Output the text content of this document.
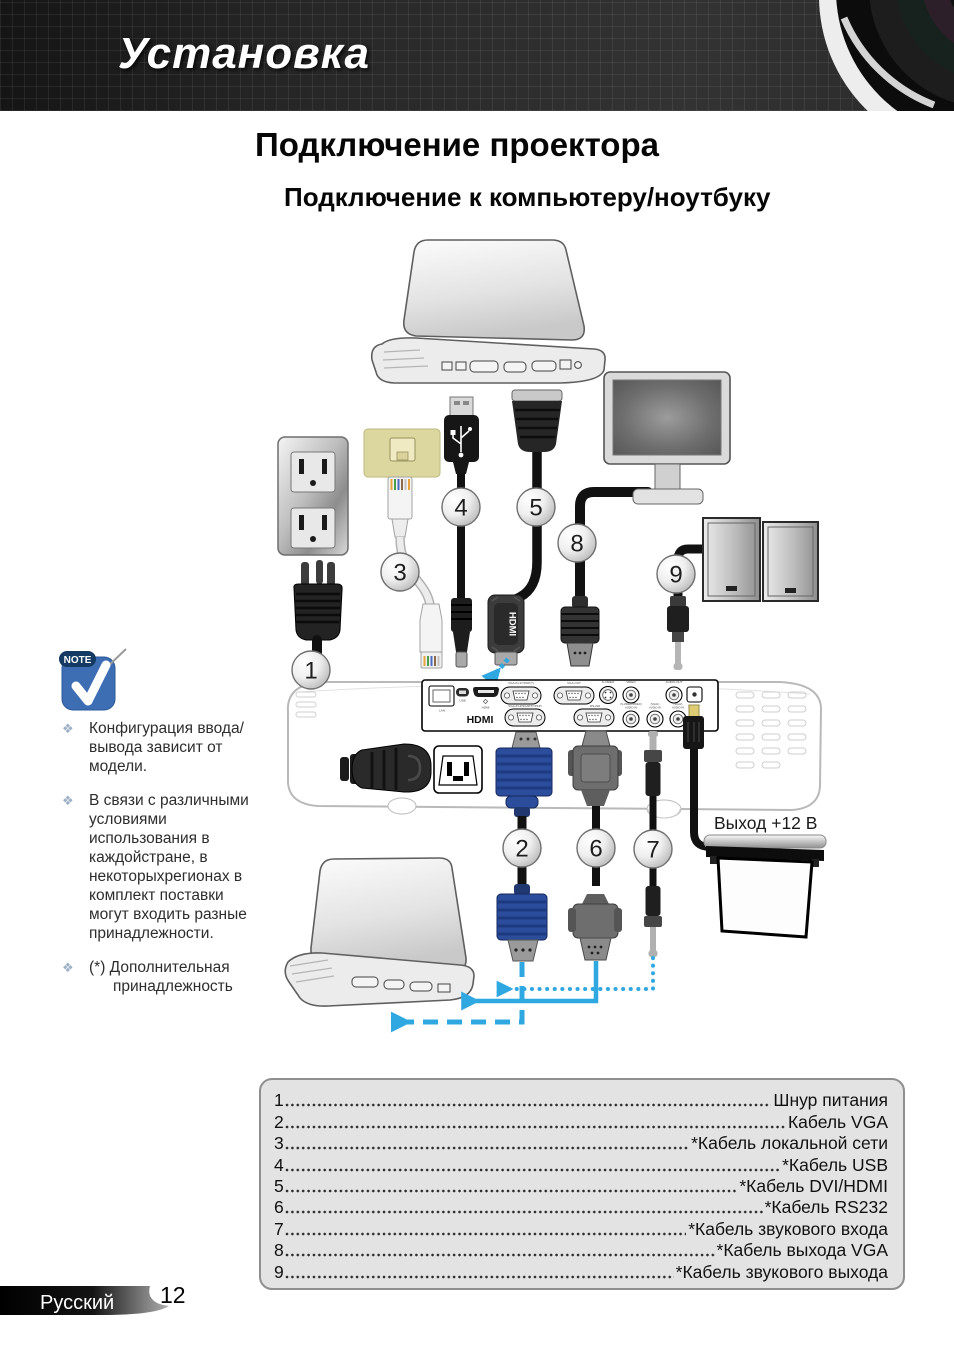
Установка
Подключение проектора
Подключение к компьютеру/ноутбуку
NOTE
❖ Конфигурация ввода/вывода зависит от модели.
❖ В связи с различными условиями использования в каждойстране, в некоторыхрегионах в комплект поставки могут входить разные принадлежности.
❖ (*) Дополнительная принадлежность
HDMI
LAN
USB
HDMI
HDMI
VGA-IN-1/YPbPr(*)	VGA-OUT	S-VIDEO	VIDEO	AUDIO-OUT
VGA-IN-2/SCART/YPbPr	RS-232	(S-VIDEO/VIDEO)
AUDIO-IN
(VGA1)
AUDIO-IN
(VGA2)
AUDIO-IN
Выход +12 В
1
2
3
4	5
6 7
8
9
1	Шнур питания
2	Кабель VGA
3	*Кабель локальной сети
4	*Кабель USB
5	*Кабель DVI/HDMI
6	*Кабель RS232
7	*Кабель звукового входа
8	*Кабель выхода VGA
9	*Кабель звукового выхода
Русский 12
